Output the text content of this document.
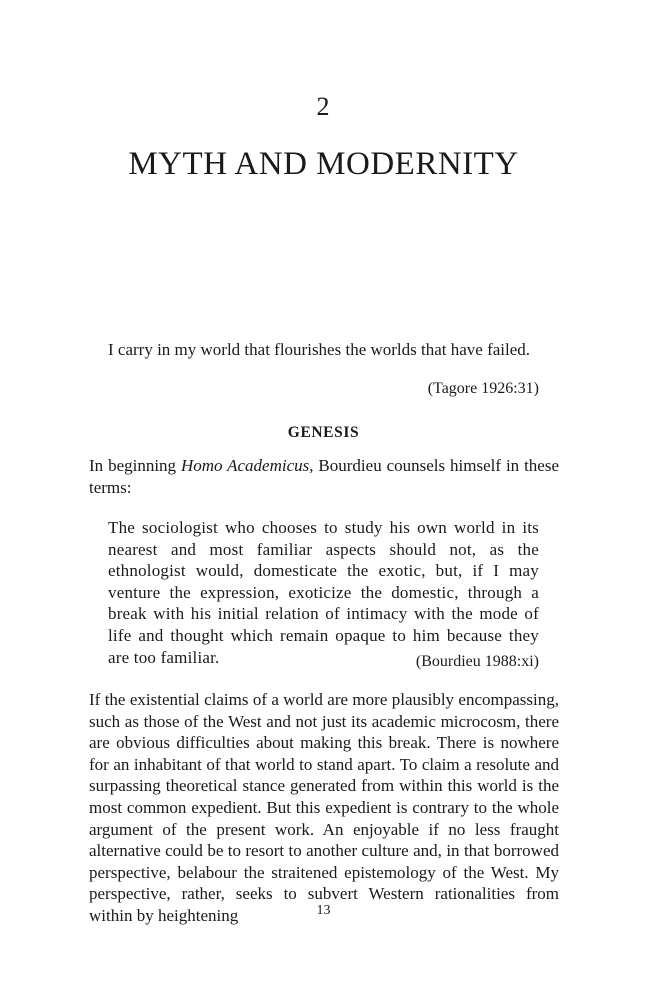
2
MYTH AND MODERNITY

I carry in my world that flourishes the worlds that have failed.

(Tagore 1926:31)
GENESIS

In beginning Homo Academicus, Bourdieu counsels himself in these terms:

The sociologist who chooses to study his own world in its nearest and most familiar aspects should not, as the ethnologist would, domesticate the exotic, but, if I may venture the expression, exoticize the domestic, through a break with his initial relation of intimacy with the mode of life and thought which remain opaque to him because they are too familiar.	(Bourdieu 1988:xi)

If the existential claims of a world are more plausibly encompassing, such as those of the West and not just its academic microcosm, there are obvious difficulties about making this break. There is nowhere for an inhabitant of that world to stand apart. To claim a resolute and surpassing theoretical stance generated from within this world is the most common expedient. But this expedient is contrary to the whole argument of the present work. An enjoyable if no less fraught alternative could be to resort to another culture and, in that borrowed perspective, belabour the straitened epistemology of the West. My perspective, rather, seeks to subvert Western rationalities from within by heightening	13
